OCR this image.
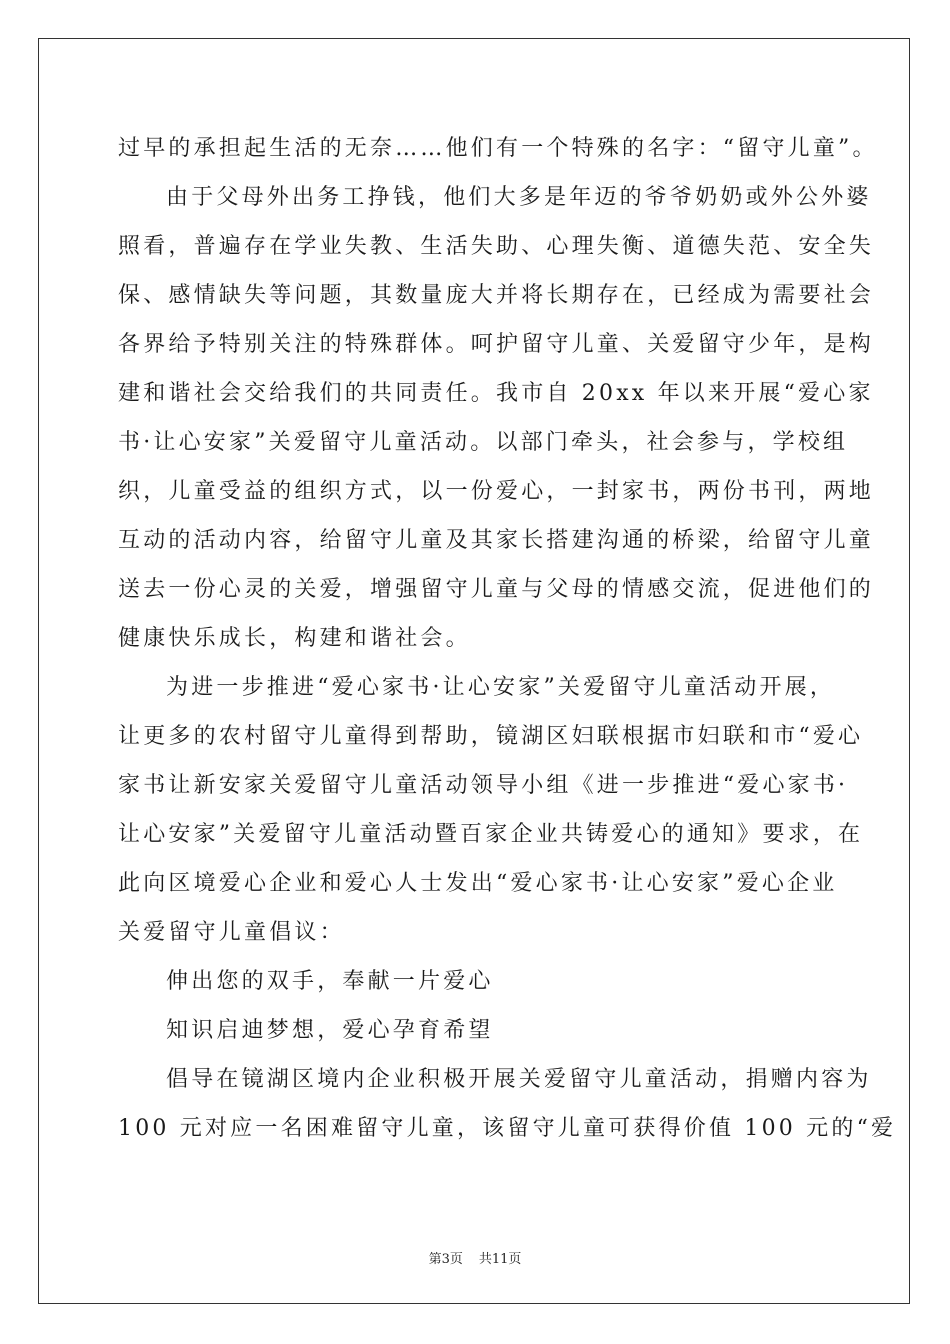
过早的承担起生活的无奈……他们有一个特殊的名字：“留守儿童”。
由于父母外出务工挣钱，他们大多是年迈的爷爷奶奶或外公外婆
照看，普遍存在学业失教、生活失助、心理失衡、道德失范、安全失
保、感情缺失等问题，其数量庞大并将长期存在，已经成为需要社会
各界给予特别关注的特殊群体。呵护留守儿童、关爱留守少年，是构
建和谐社会交给我们的共同责任。我市自 20xx 年以来开展“爱心家
书·让心安家”关爱留守儿童活动。以部门牵头，社会参与，学校组
织，儿童受益的组织方式，以一份爱心，一封家书，两份书刊，两地
互动的活动内容，给留守儿童及其家长搭建沟通的桥梁，给留守儿童
送去一份心灵的关爱，增强留守儿童与父母的情感交流，促进他们的
健康快乐成长，构建和谐社会。
为进一步推进“爱心家书·让心安家”关爱留守儿童活动开展，
让更多的农村留守儿童得到帮助，镜湖区妇联根据市妇联和市“爱心
家书让新安家关爱留守儿童活动领导小组《进一步推进“爱心家书·
让心安家”关爱留守儿童活动暨百家企业共铸爱心的通知》要求，在
此向区境爱心企业和爱心人士发出“爱心家书·让心安家”爱心企业
关爱留守儿童倡议：
伸出您的双手，奉献一片爱心
知识启迪梦想，爱心孕育希望
倡导在镜湖区境内企业积极开展关爱留守儿童活动，捐赠内容为
100 元对应一名困难留守儿童，该留守儿童可获得价值 100 元的“爱
第3页 共11页
